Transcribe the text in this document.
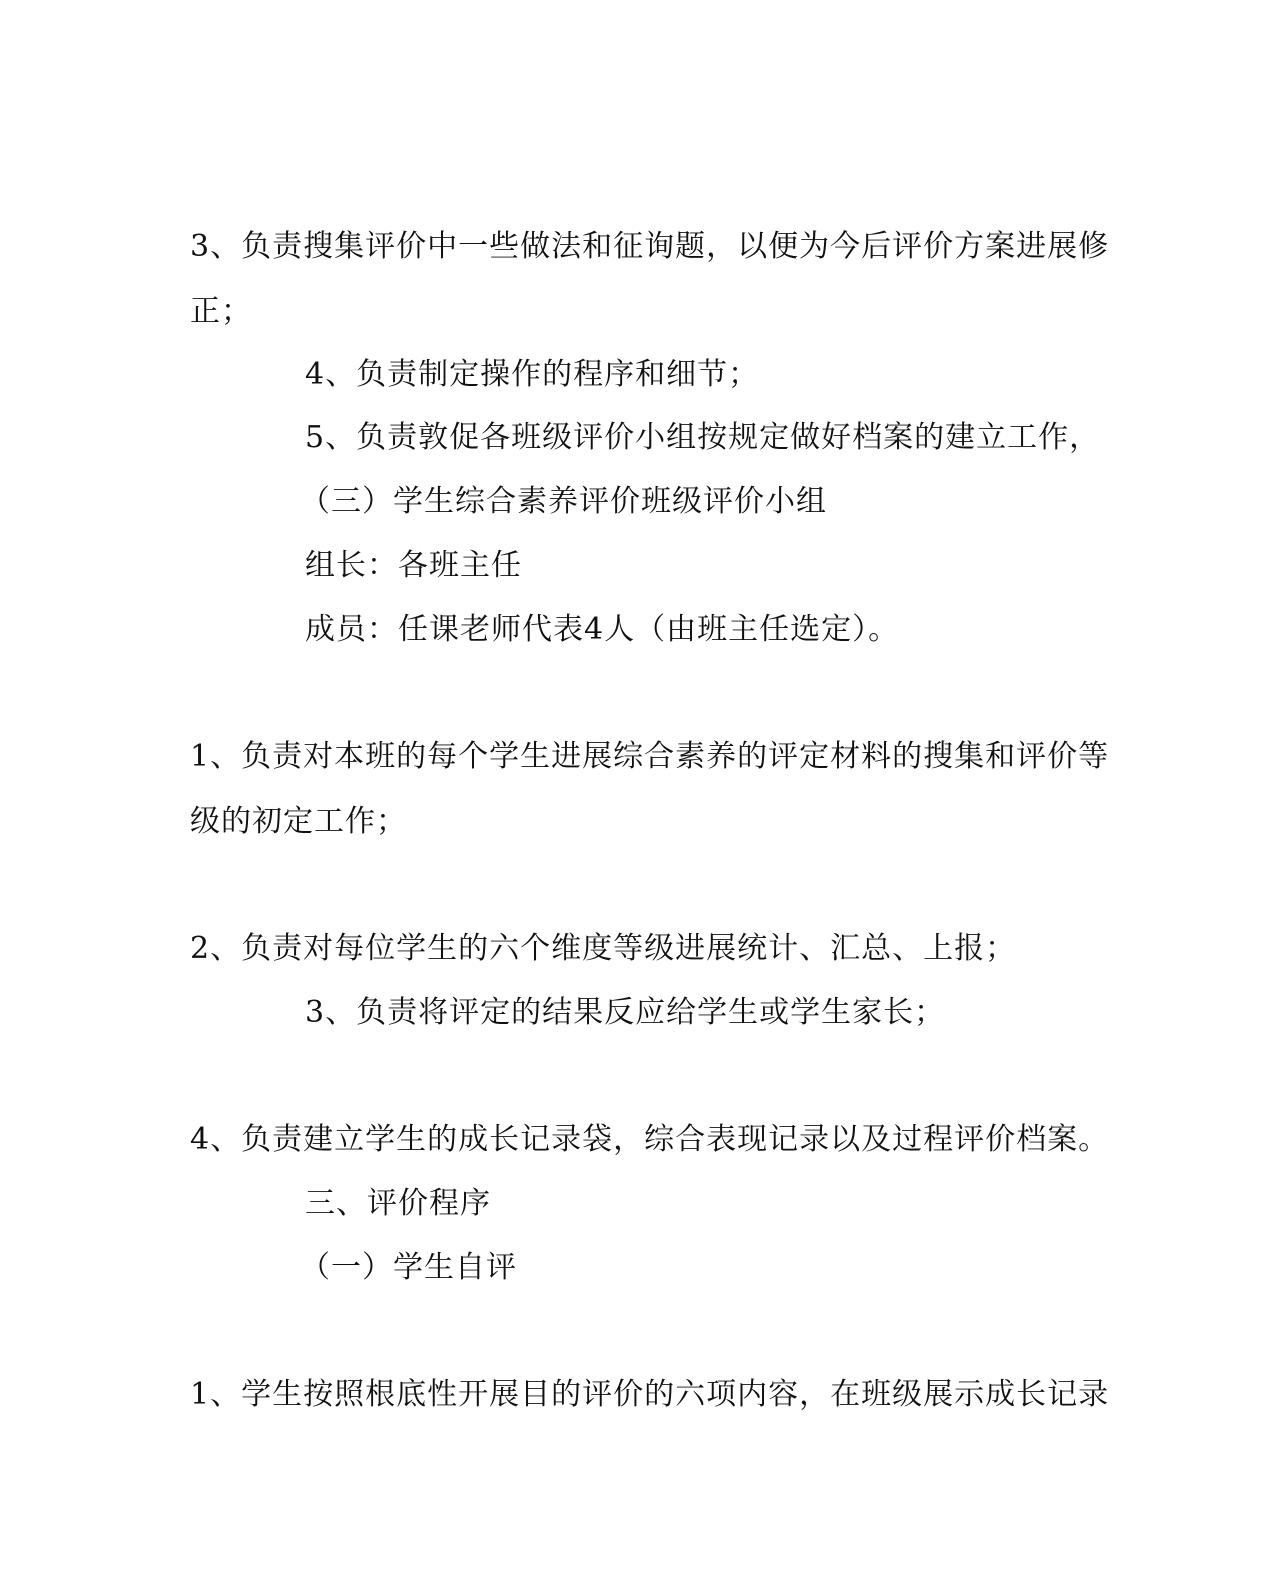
3、负责搜集评价中一些做法和征询题，以便为今后评价方案进展修
正；
4、负责制定操作的程序和细节；
5、负责敦促各班级评价小组按规定做好档案的建立工作，
（三）学生综合素养评价班级评价小组
组长：各班主任
成员：任课老师代表4人（由班主任选定）。
1、负责对本班的每个学生进展综合素养的评定材料的搜集和评价等
级的初定工作；
2、负责对每位学生的六个维度等级进展统计、汇总、上报；
3、负责将评定的结果反应给学生或学生家长；
4、负责建立学生的成长记录袋，综合表现记录以及过程评价档案。
三、评价程序
（一）学生自评
1、学生按照根底性开展目的评价的六项内容，在班级展示成长记录
